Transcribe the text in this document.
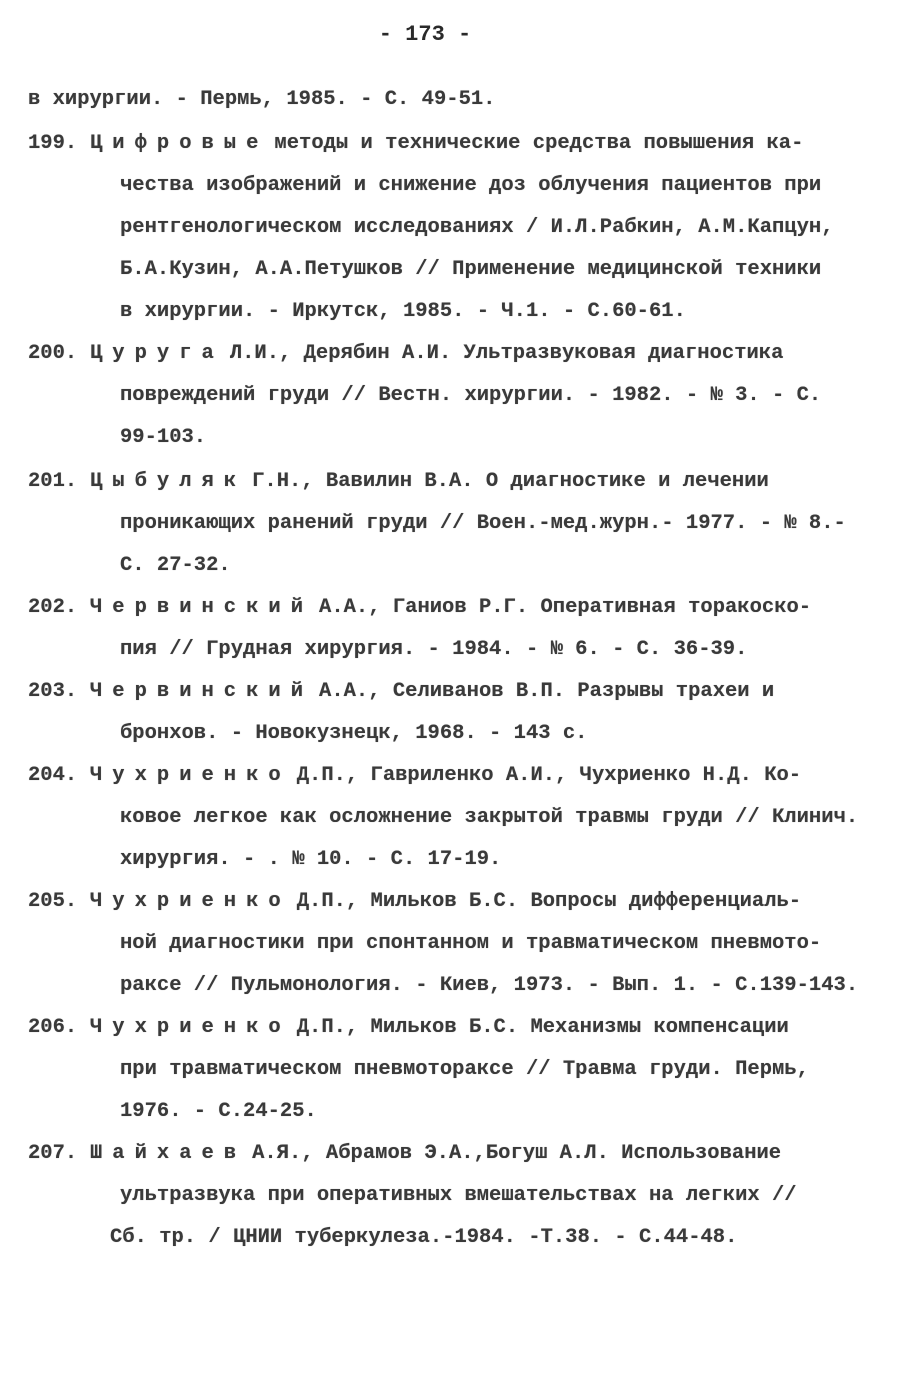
- 173 -
в хирургии. - Пермь, 1985. - С. 49-51.
199. Цифровые методы и технические средства повышения ка-
чества изображений и снижение доз облучения пациентов при
рентгенологическом исследованиях / И.Л.Рабкин, А.М.Капцун,
Б.А.Кузин, А.А.Петушков // Применение медицинской техники
в хирургии. - Иркутск, 1985. - Ч.1. - С.60-61.
200. Цуруга Л.И., Дерябин А.И. Ультразвуковая диагностика
повреждений груди // Вестн. хирургии. - 1982. - № 3. - С.
99-103.
201. Цыбуляк Г.Н., Вавилин В.А. О диагностике и лечении
проникающих ранений груди // Воен.-мед.журн.- 1977. - № 8.-
С. 27-32.
202. Червинский А.А., Ганиов Р.Г. Оперативная торакоско-
пия // Грудная хирургия. - 1984. - № 6. - С. 36-39.
203. Червинский А.А., Селиванов В.П. Разрывы трахеи и
бронхов. - Новокузнецк, 1968. - 143 с.
204. Чухриенко Д.П., Гавриленко А.И., Чухриенко Н.Д. Ко-
ковое легкое как осложнение закрытой травмы груди // Клинич.
хирургия. - . № 10. - С. 17-19.
205. Чухриенко Д.П., Мильков Б.С. Вопросы дифференциаль-
ной диагностики при спонтанном и травматическом пневмото-
раксе // Пульмонология. - Киев, 1973. - Вып. 1. - С.139-143.
206. Чухриенко Д.П., Мильков Б.С. Механизмы компенсации
при травматическом пневмотораксе // Травма груди. Пермь,
1976. - С.24-25.
207. Шайхаев А.Я., Абрамов Э.А.,Богуш А.Л. Использование
ультразвука при оперативных вмешательствах на легких //
Сб. тр. / ЦНИИ туберкулеза.-1984. -Т.38. - С.44-48.
